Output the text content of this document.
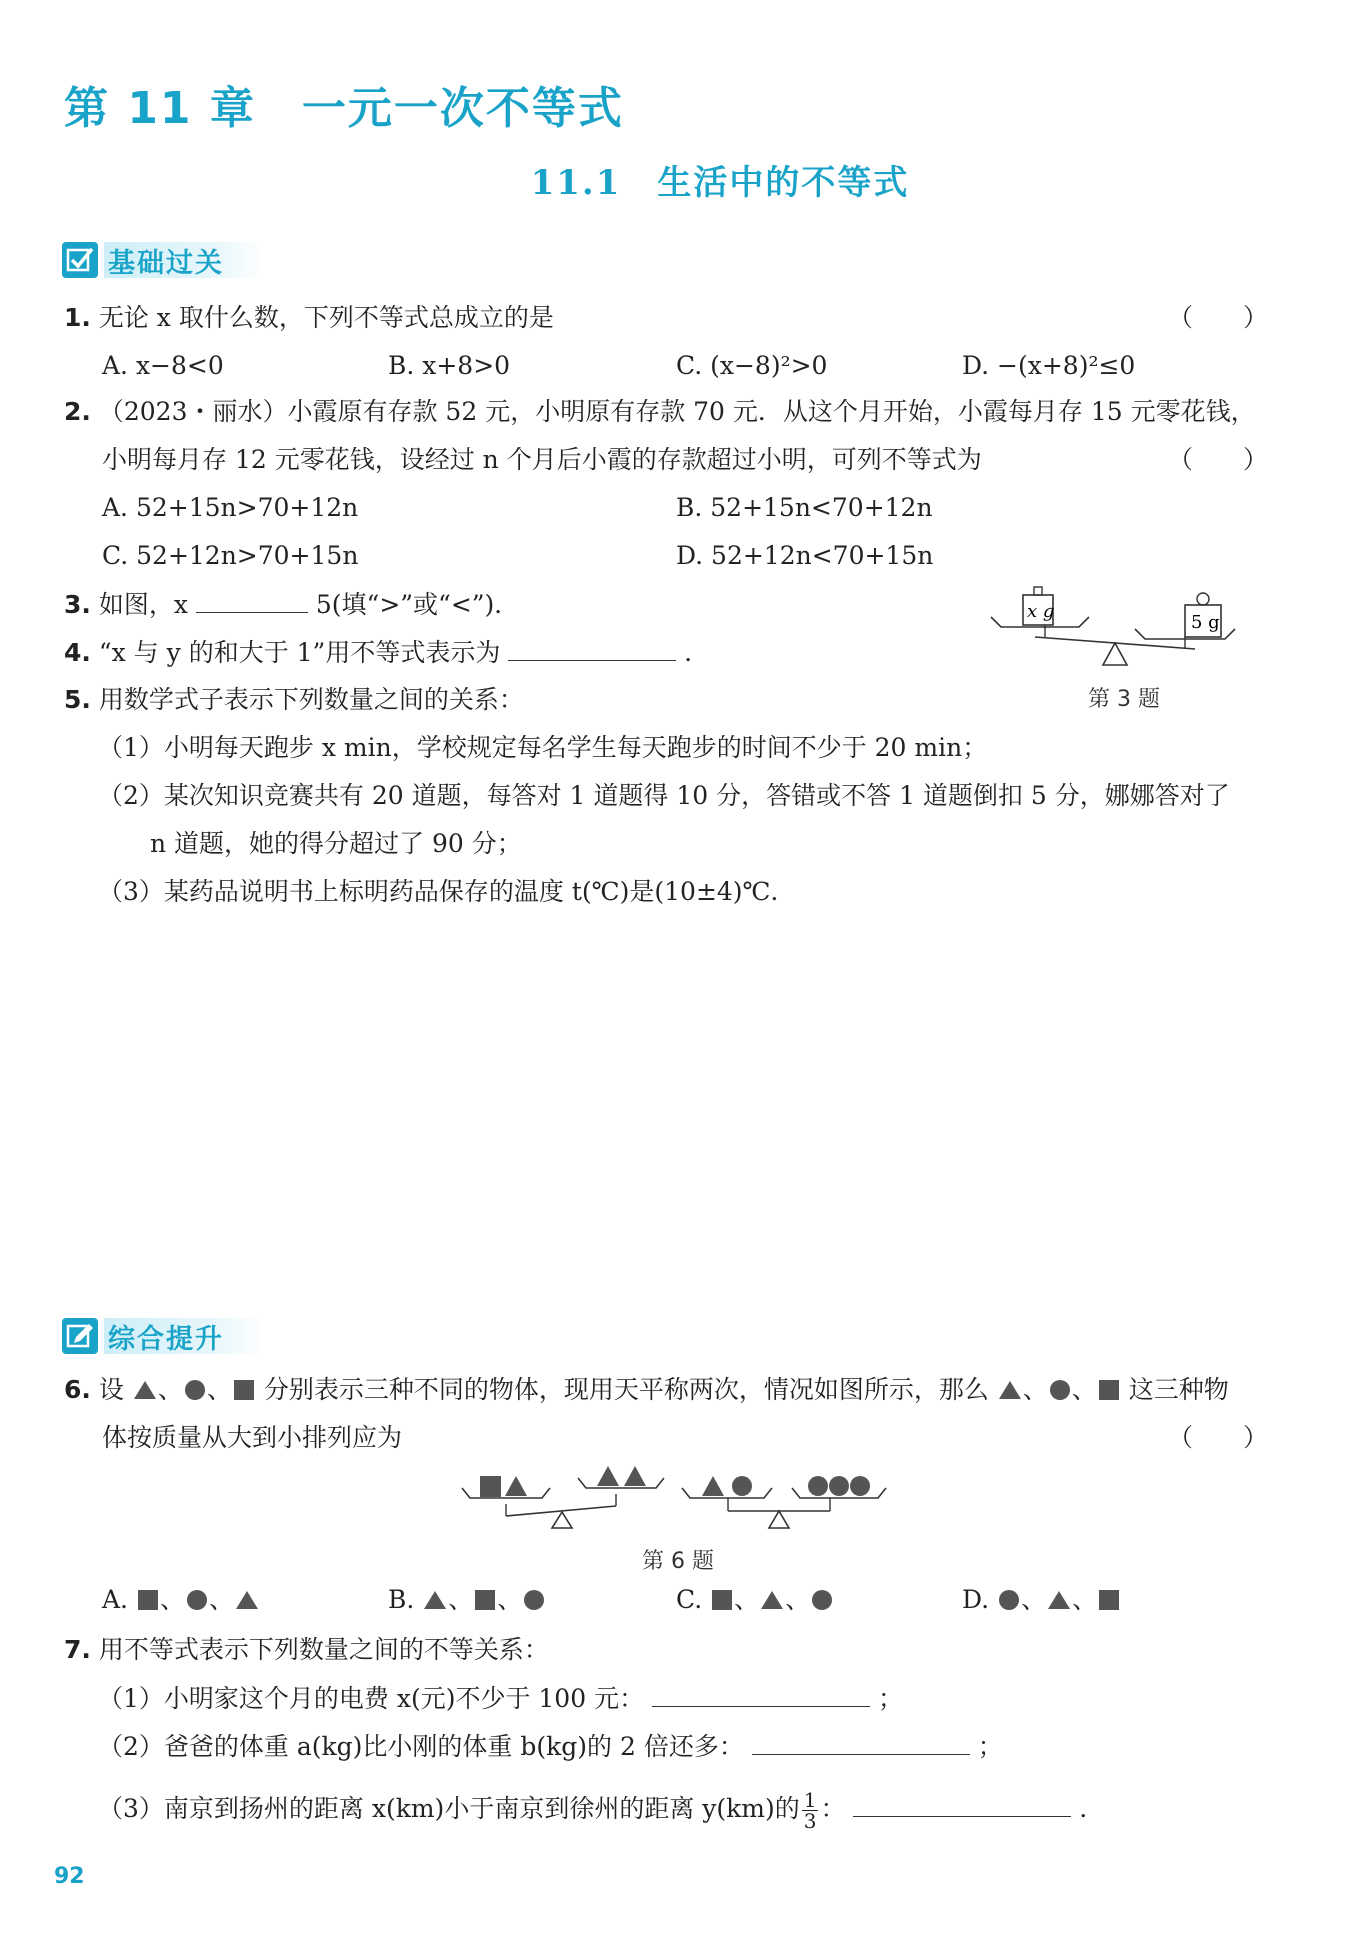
第 11 章　一元一次不等式
11.1　生活中的不等式
基础过关
1. 无论 x 取什么数，下列不等式总成立的是	（　　）
A. x−8<0	B. x+8>0	C. (x−8)²>0	D. −(x+8)²≤0
2. （2023・丽水）小霞原有存款 52 元，小明原有存款 70 元．从这个月开始，小霞每月存 15 元零花钱，
小明每月存 12 元零花钱，设经过 n 个月后小霞的存款超过小明，可列不等式为	（　　）
A. 52+15n>70+12n	B. 52+15n<70+12n
C. 52+12n>70+15n	D. 52+12n<70+15n
3. 如图，x	5(填“>”或“<”)．	x g
5 g
第 3 题
4. “x 与 y 的和大于 1”用不等式表示为	．
5. 用数学式子表示下列数量之间的关系：
（1）小明每天跑步 x min，学校规定每名学生每天跑步的时间不少于 20 min；
（2）某次知识竞赛共有 20 道题，每答对 1 道题得 10 分，答错或不答 1 道题倒扣 5 分，娜娜答对了
n 道题，她的得分超过了 90 分；
（3）某药品说明书上标明药品保存的温度 t(℃)是(10±4)℃．
综合提升
6. 设 、 、 分别表示三种不同的物体，现用天平称两次，情况如图所示，那么 、 、 这三种物
体按质量从大到小排列应为	（　　）
第 6 题
A. 、 、	B. 、 、	C. 、 、	D. 、 、
7. 用不等式表示下列数量之间的不等关系：
（1）小明家这个月的电费 x(元)不少于 100 元：	；
（2）爸爸的体重 a(kg)比小刚的体重 b(kg)的 2 倍还多：	；
（3）南京到扬州的距离 x(km)小于南京到徐州的距离 y(km)的 $\frac{1}{3}$ ：	．
92
